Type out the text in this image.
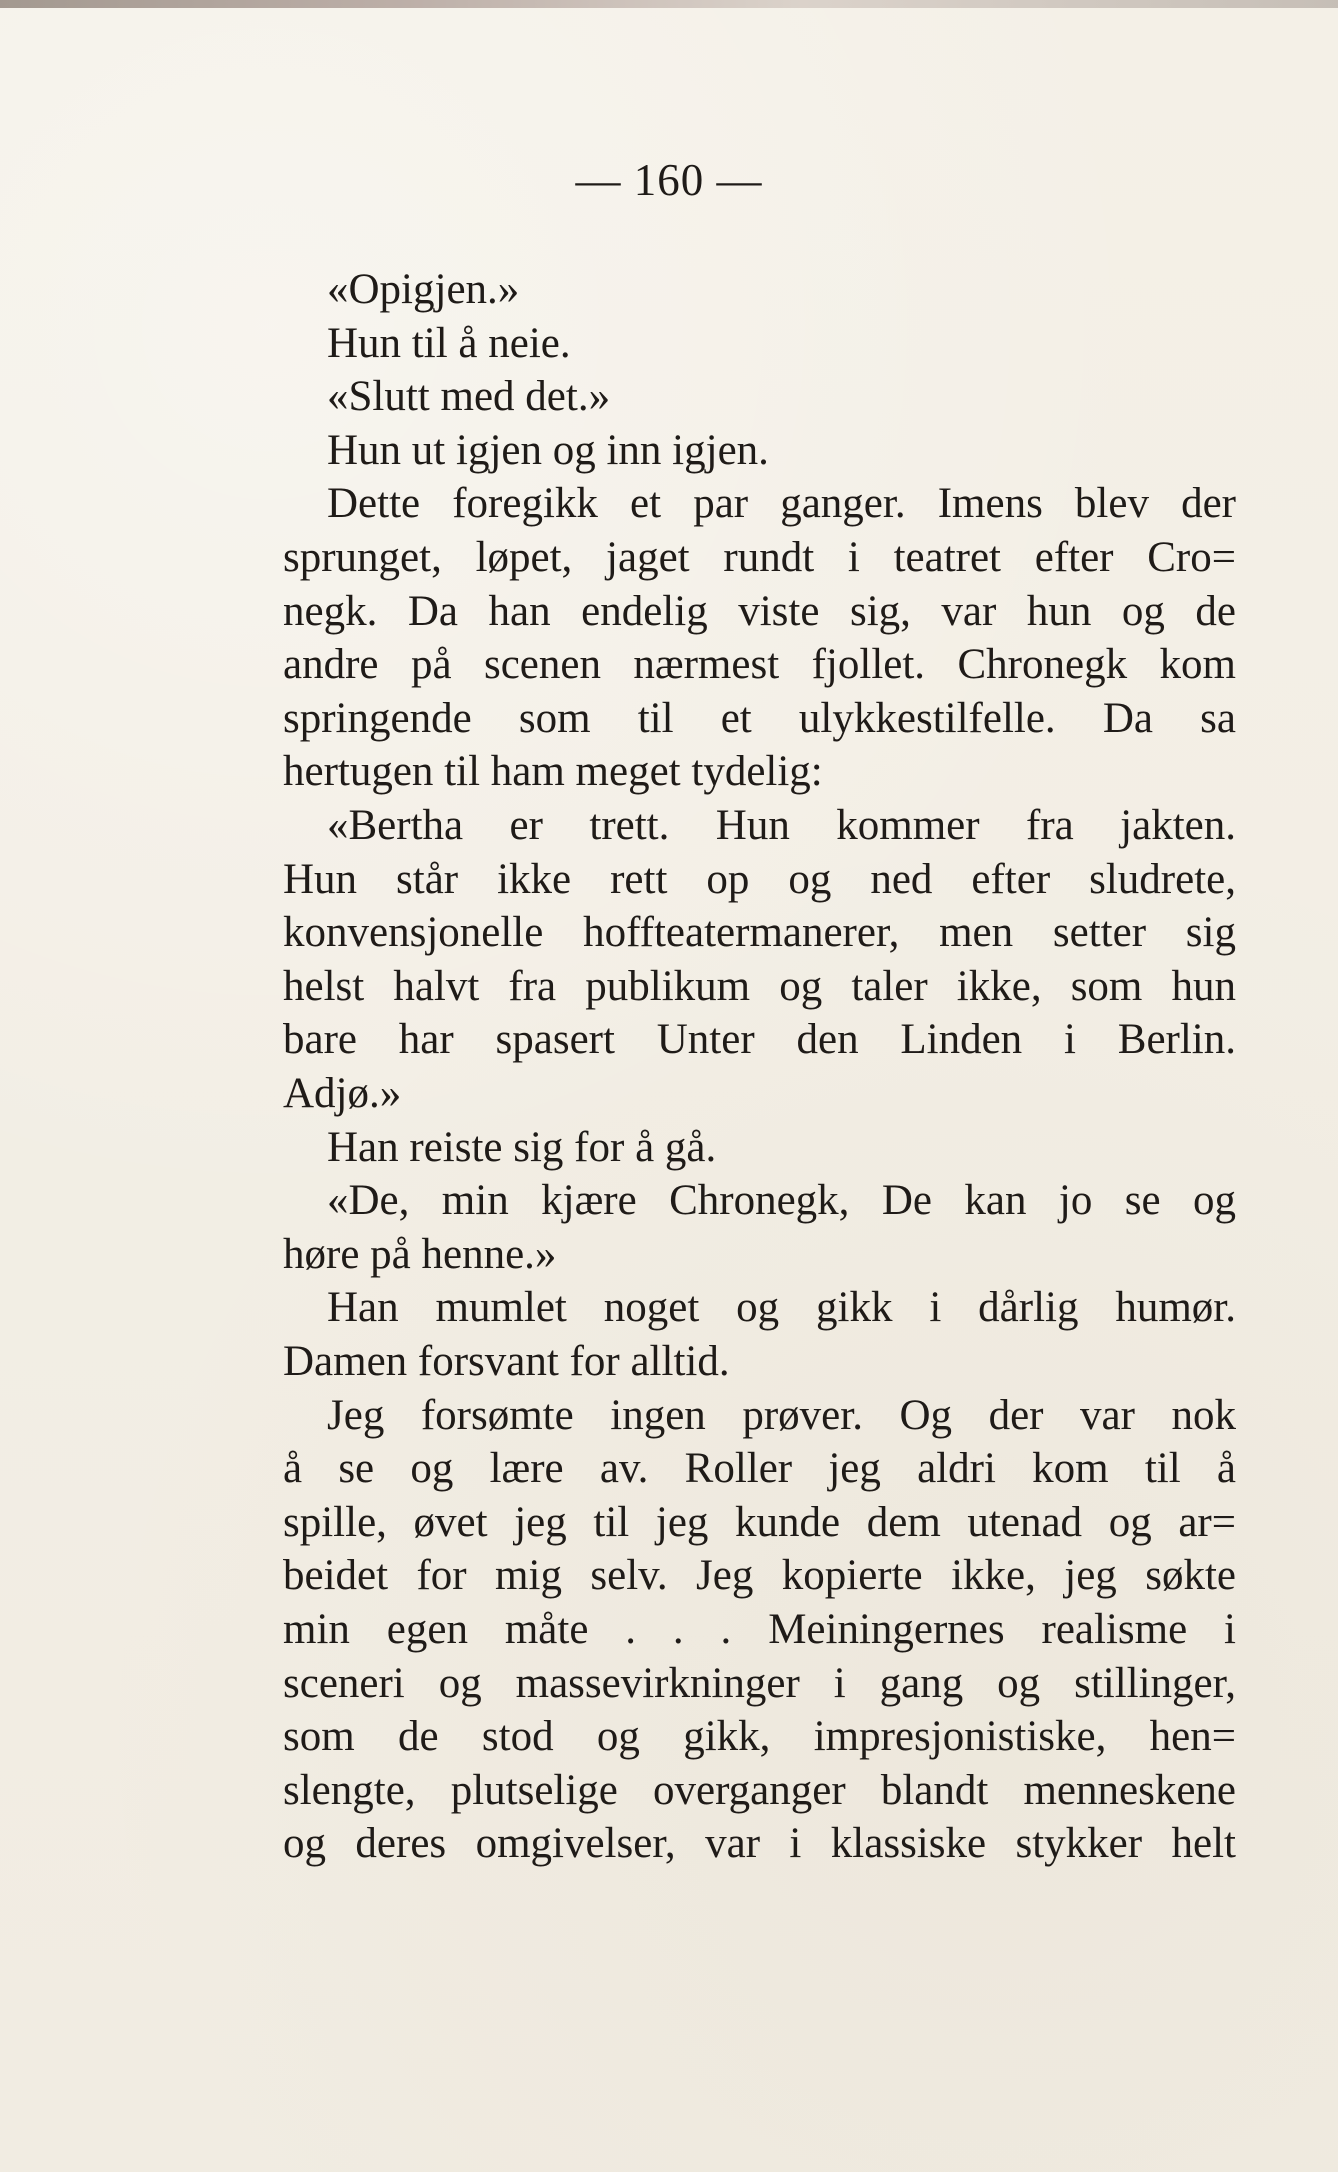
— 160 —
«Opigjen.»
Hun til å neie.
«Slutt med det.»
Hun ut igjen og inn igjen.
Dette foregikk et par ganger. Imens blev der
sprunget, løpet, jaget rundt i teatret efter Cro=
negk. Da han endelig viste sig, var hun og de
andre på scenen nærmest fjollet. Chronegk kom
springende som til et ulykkestilfelle. Da sa
hertugen til ham meget tydelig:
«Bertha er trett. Hun kommer fra jakten.
Hun står ikke rett op og ned efter sludrete,
konvensjonelle hoffteatermanerer, men setter sig
helst halvt fra publikum og taler ikke, som hun
bare har spasert Unter den Linden i Berlin.
Adjø.»
Han reiste sig for å gå.
«De, min kjære Chronegk, De kan jo se og
høre på henne.»
Han mumlet noget og gikk i dårlig humør.
Damen forsvant for alltid.
Jeg forsømte ingen prøver. Og der var nok
å se og lære av. Roller jeg aldri kom til å
spille, øvet jeg til jeg kunde dem utenad og ar=
beidet for mig selv. Jeg kopierte ikke, jeg søkte
min egen måte . . . Meiningernes realisme i
sceneri og massevirkninger i gang og stillinger,
som de stod og gikk, impresjonistiske, hen=
slengte, plutselige overganger blandt menneskene
og deres omgivelser, var i klassiske stykker helt
